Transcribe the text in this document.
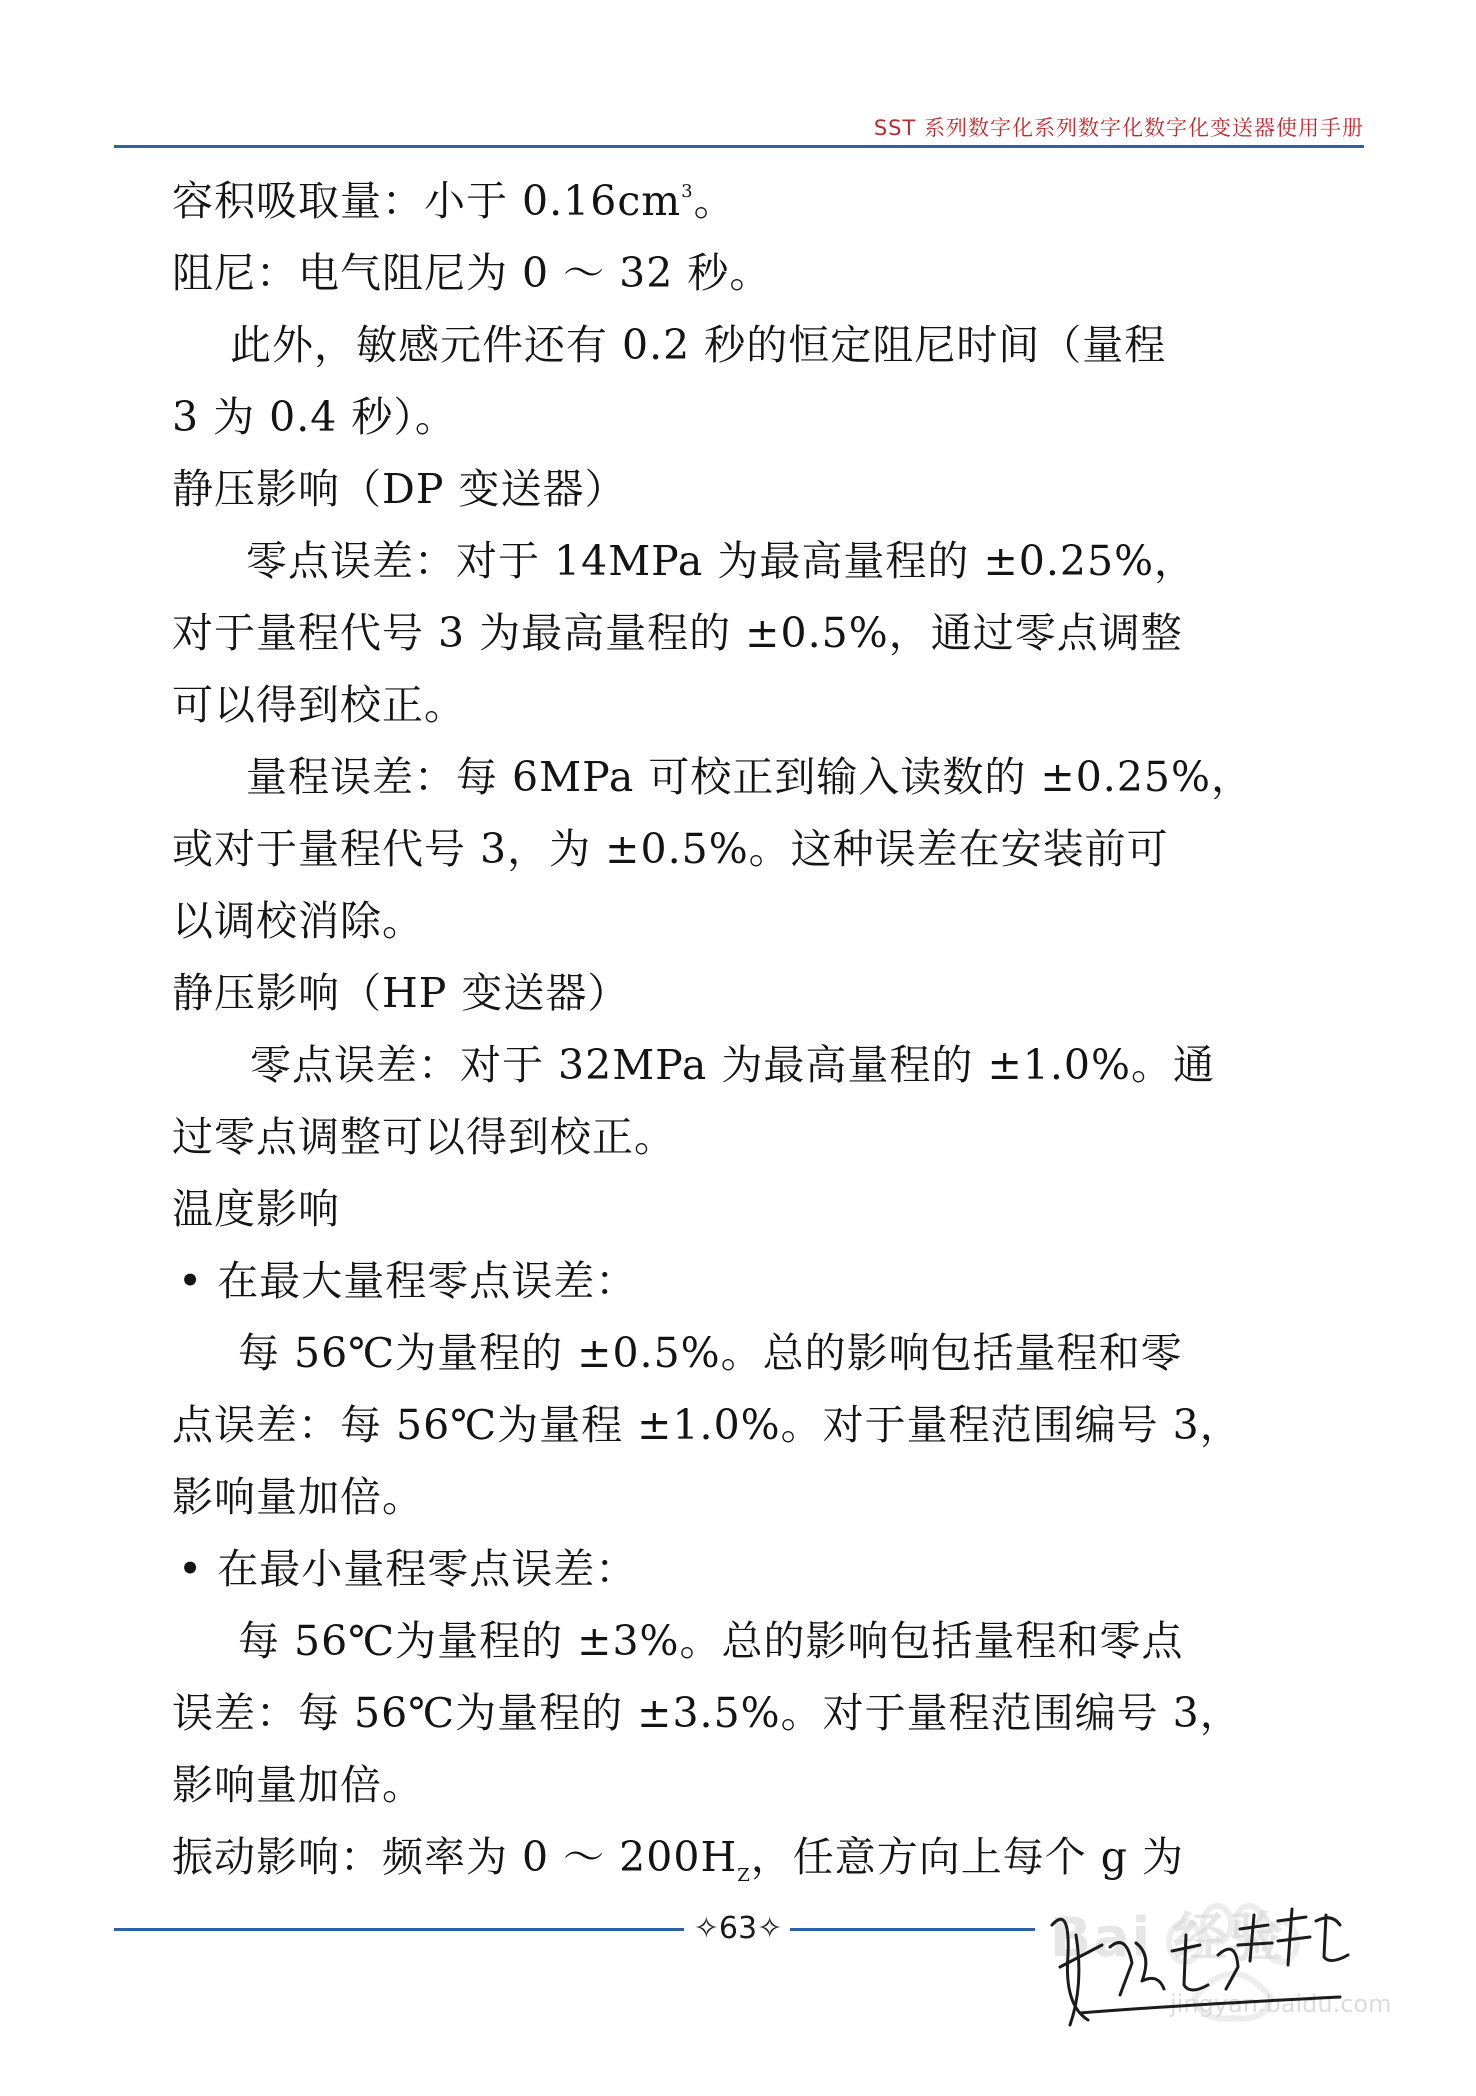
SST 系列数字化系列数字化数字化变送器使用手册
容积吸取量：小于 $0.16cm^3$。
阻尼：电气阻尼为 0 ～ 32 秒。
此外，敏感元件还有 0.2 秒的恒定阻尼时间（量程
3 为 0.4 秒）。
静压影响（DP 变送器）
零点误差：对于 14MPa 为最高量程的 ±0.25%，
对于量程代号 3 为最高量程的 ±0.5%，通过零点调整
可以得到校正。
量程误差：每 6MPa 可校正到输入读数的 ±0.25%，
或对于量程代号 3，为 ±0.5%。这种误差在安装前可
以调校消除。
静压影响（HP 变送器）
零点误差：对于 32MPa 为最高量程的 ±1.0%。通
过零点调整可以得到校正。
温度影响
• 在最大量程零点误差：
每 56℃为量程的 ±0.5%。总的影响包括量程和零
点误差：每 56℃为量程 ±1.0%。对于量程范围编号 3，
影响量加倍。
• 在最小量程零点误差：
每 56℃为量程的 ±3%。总的影响包括量程和零点
误差：每 56℃为量程的 ±3.5%。对于量程范围编号 3，
影响量加倍。
振动影响：频率为 0 ～ $200H_Z$，任意方向上每个 g 为
✧63✧	Bai 经验
jingyan.baidu.com
